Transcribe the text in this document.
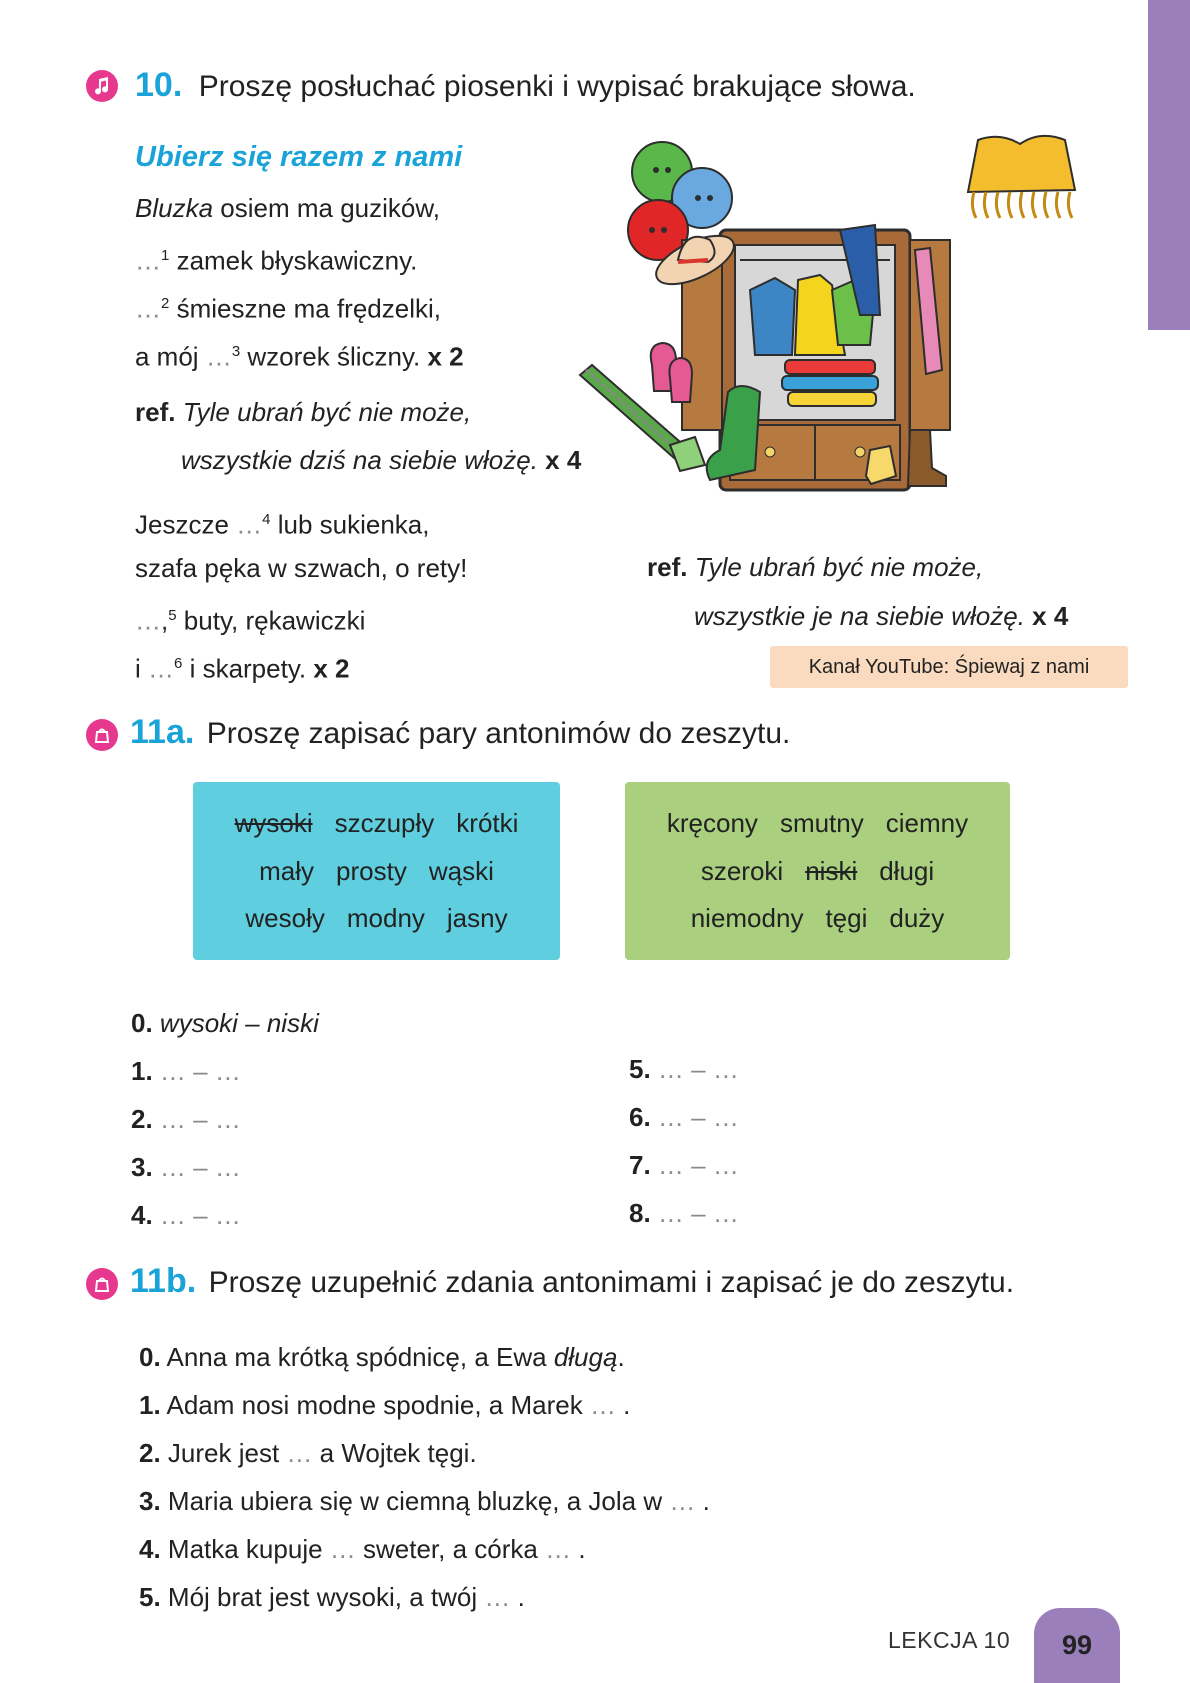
10. Proszę posłuchać piosenki i wypisać brakujące słowa.
Ubierz się razem z nami
Bluzka osiem ma guzików,
…$^1$ zamek błyskawiczny.
…$^2$ śmieszne ma frędzelki,
a mój …$^3$ wzorek śliczny. x 2
ref. Tyle ubrań być nie może,
wszystkie dziś na siebie włożę. x 4
Jeszcze …$^4$ lub sukienka,
szafa pęka w szwach, o rety!
…,$^5$ buty, rękawiczki
i …$^6$ i skarpety. x 2
ref. Tyle ubrań być nie może,
wszystkie je na siebie włożę. x 4
Kanał YouTube: Śpiewaj z nami
11a. Proszę zapisać pary antonimów do zeszytu.
wysoki szczupły krótki
mały prosty wąski
wesoły modny jasny
kręcony smutny ciemny
szeroki niski długi
niemodny tęgi duży
0. wysoki – niski
1. … – …
2. … – …
3. … – …
4. … – …
5. … – …
6. … – …
7. … – …
8. … – …
11b. Proszę uzupełnić zdania antonimami i zapisać je do zeszytu.
0. Anna ma krótką spódnicę, a Ewa długą.
1. Adam nosi modne spodnie, a Marek … .
2. Jurek jest … a Wojtek tęgi.
3. Maria ubiera się w ciemną bluzkę, a Jola w … .
4. Matka kupuje … sweter, a córka … .
5. Mój brat jest wysoki, a twój … .
LEKCJA 10	99
